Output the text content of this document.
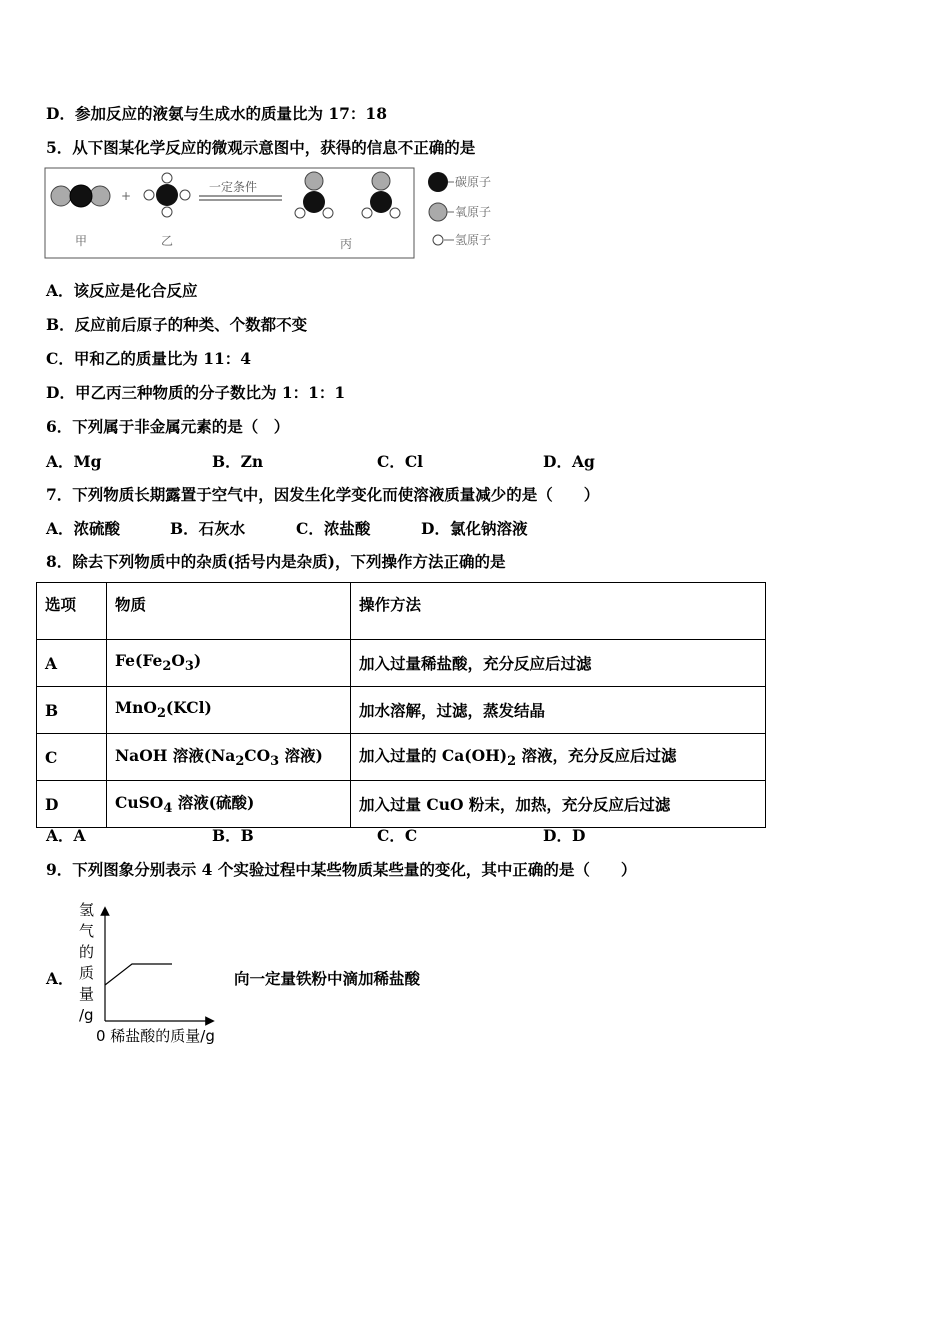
D．参加反应的液氨与生成水的质量比为 17：18
5．从下图某化学反应的微观示意图中，获得的信息不正确的是
+
一定条件
甲	乙	丙
碳原子
氧原子
氢原子
A．该反应是化合反应
B．反应前后原子的种类、个数都不变
C．甲和乙的质量比为 11：4
D．甲乙丙三种物质的分子数比为 1：1：1
6．下列属于非金属元素的是（　）
A．Mg	B．Zn	C．Cl	D．Ag
7．下列物质长期露置于空气中，因发生化学变化而使溶液质量减少的是（　　）
A．浓硫酸	B．石灰水	C．浓盐酸	D．氯化钠溶液
8．除去下列物质中的杂质(括号内是杂质)，下列操作方法正确的是
选项	物质	操作方法
A	$Fe(Fe_2O_3)$	加入过量稀盐酸，充分反应后过滤
B	MnO$_2$(KCl)	加水溶解，过滤，蒸发结晶
C	NaOH 溶液($Na_2CO_3$ 溶液)	加入过量的 $Ca(OH)_2$ 溶液，充分反应后过滤
D	CuSO$_4$ 溶液(硫酸)	加入过量 CuO 粉末，加热，充分反应后过滤
A．A	B．B	C．C	D．D
9．下列图象分别表示 4 个实验过程中某些物质某些量的变化，其中正确的是（　　）
A．
氢
气
的
质
量
/g
0 稀盐酸的质量/g
向一定量铁粉中滴加稀盐酸
